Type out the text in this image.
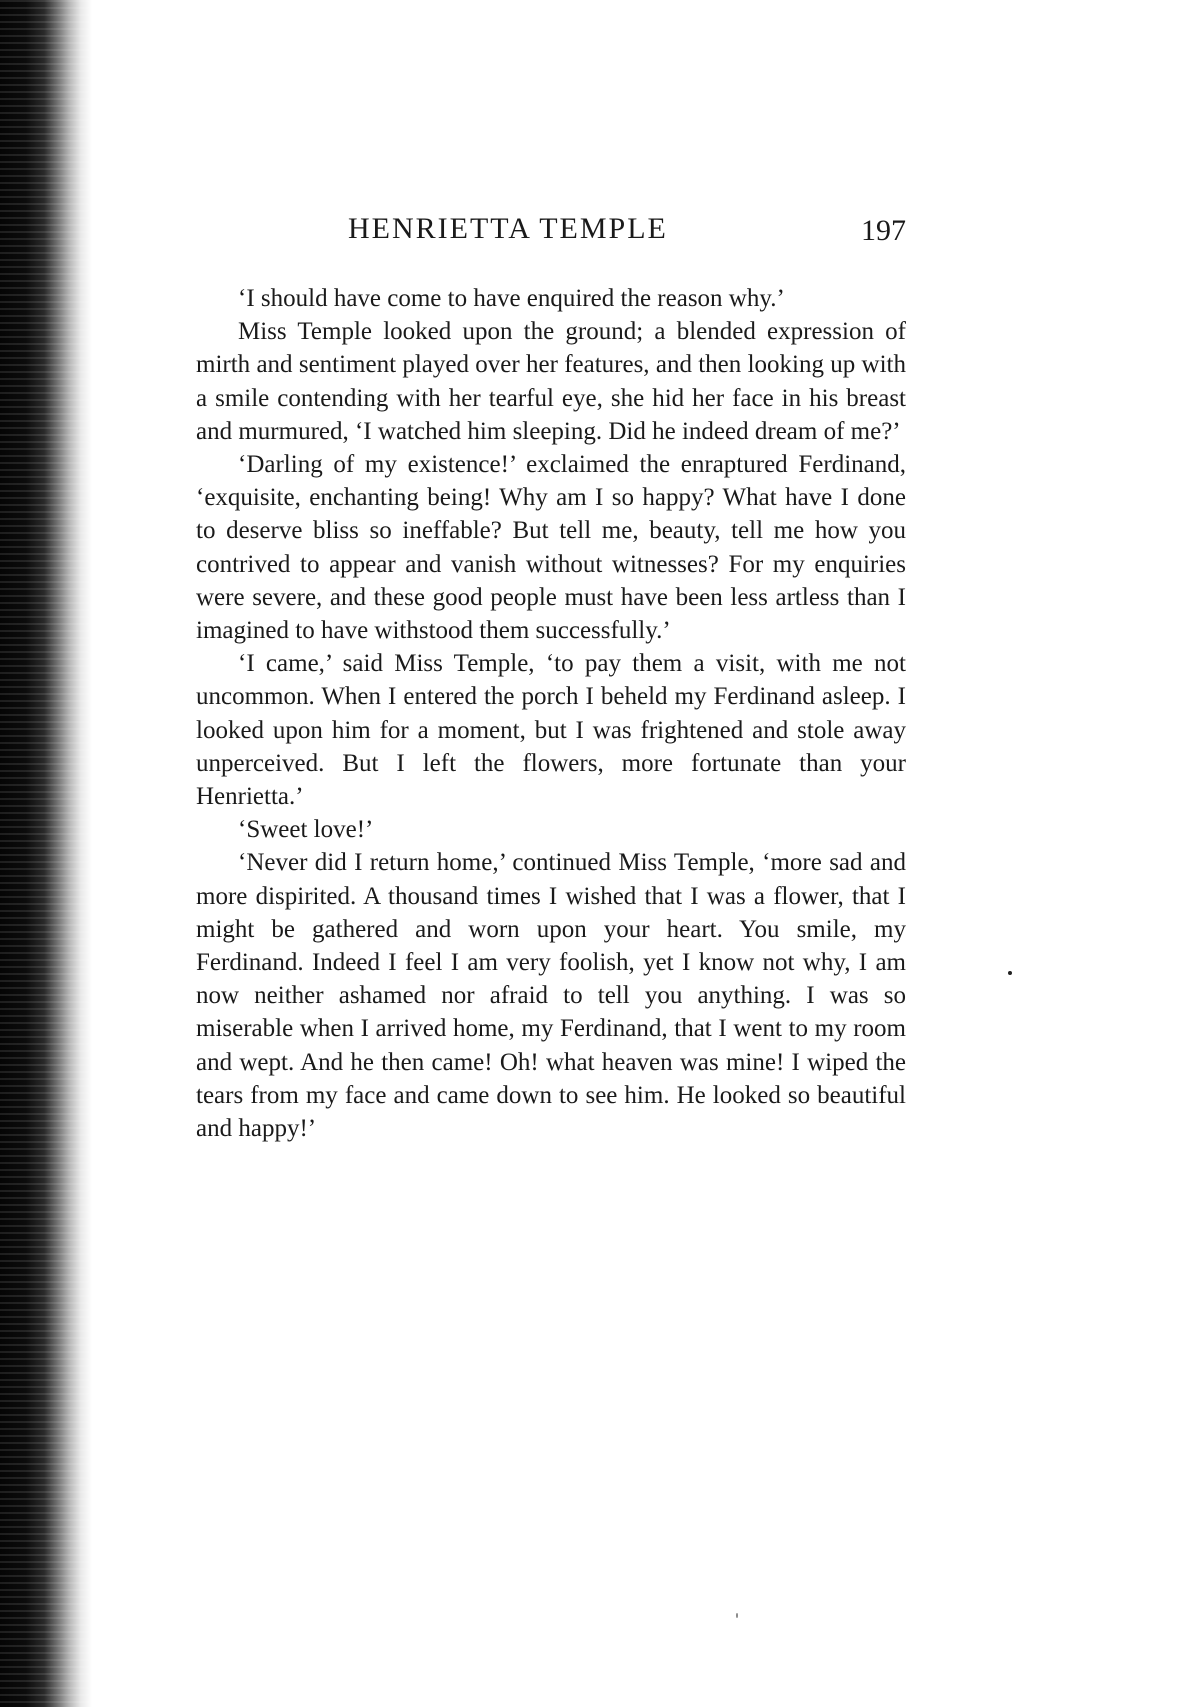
HENRIETTA TEMPLE	197

‘I should have come to have enquired the reason why.’

Miss Temple looked upon the ground; a blended expression of mirth and sentiment played over her features, and then looking up with a smile contending with her tearful eye, she hid her face in his breast and murmured, ‘I watched him sleeping. Did he indeed dream of me?’

‘Darling of my existence!’ exclaimed the enraptured Ferdinand, ‘exquisite, enchanting being! Why am I so happy? What have I done to deserve bliss so ineffable? But tell me, beauty, tell me how you contrived to appear and vanish without witnesses? For my enquiries were severe, and these good people must have been less artless than I imagined to have withstood them successfully.’

‘I came,’ said Miss Temple, ‘to pay them a visit, with me not uncommon. When I entered the porch I beheld my Ferdinand asleep. I looked upon him for a moment, but I was frightened and stole away unperceived. But I left the flowers, more fortunate than your Henrietta.’

‘Sweet love!’

‘Never did I return home,’ continued Miss Temple, ‘more sad and more dispirited. A thousand times I wished that I was a flower, that I might be gathered and worn upon your heart. You smile, my Ferdinand. Indeed I feel I am very foolish, yet I know not why, I am now neither ashamed nor afraid to tell you anything. I was so miserable when I arrived home, my Ferdinand, that I went to my room and wept. And he then came! Oh! what heaven was mine! I wiped the tears from my face and came down to see him. He looked so beautiful and happy!’
